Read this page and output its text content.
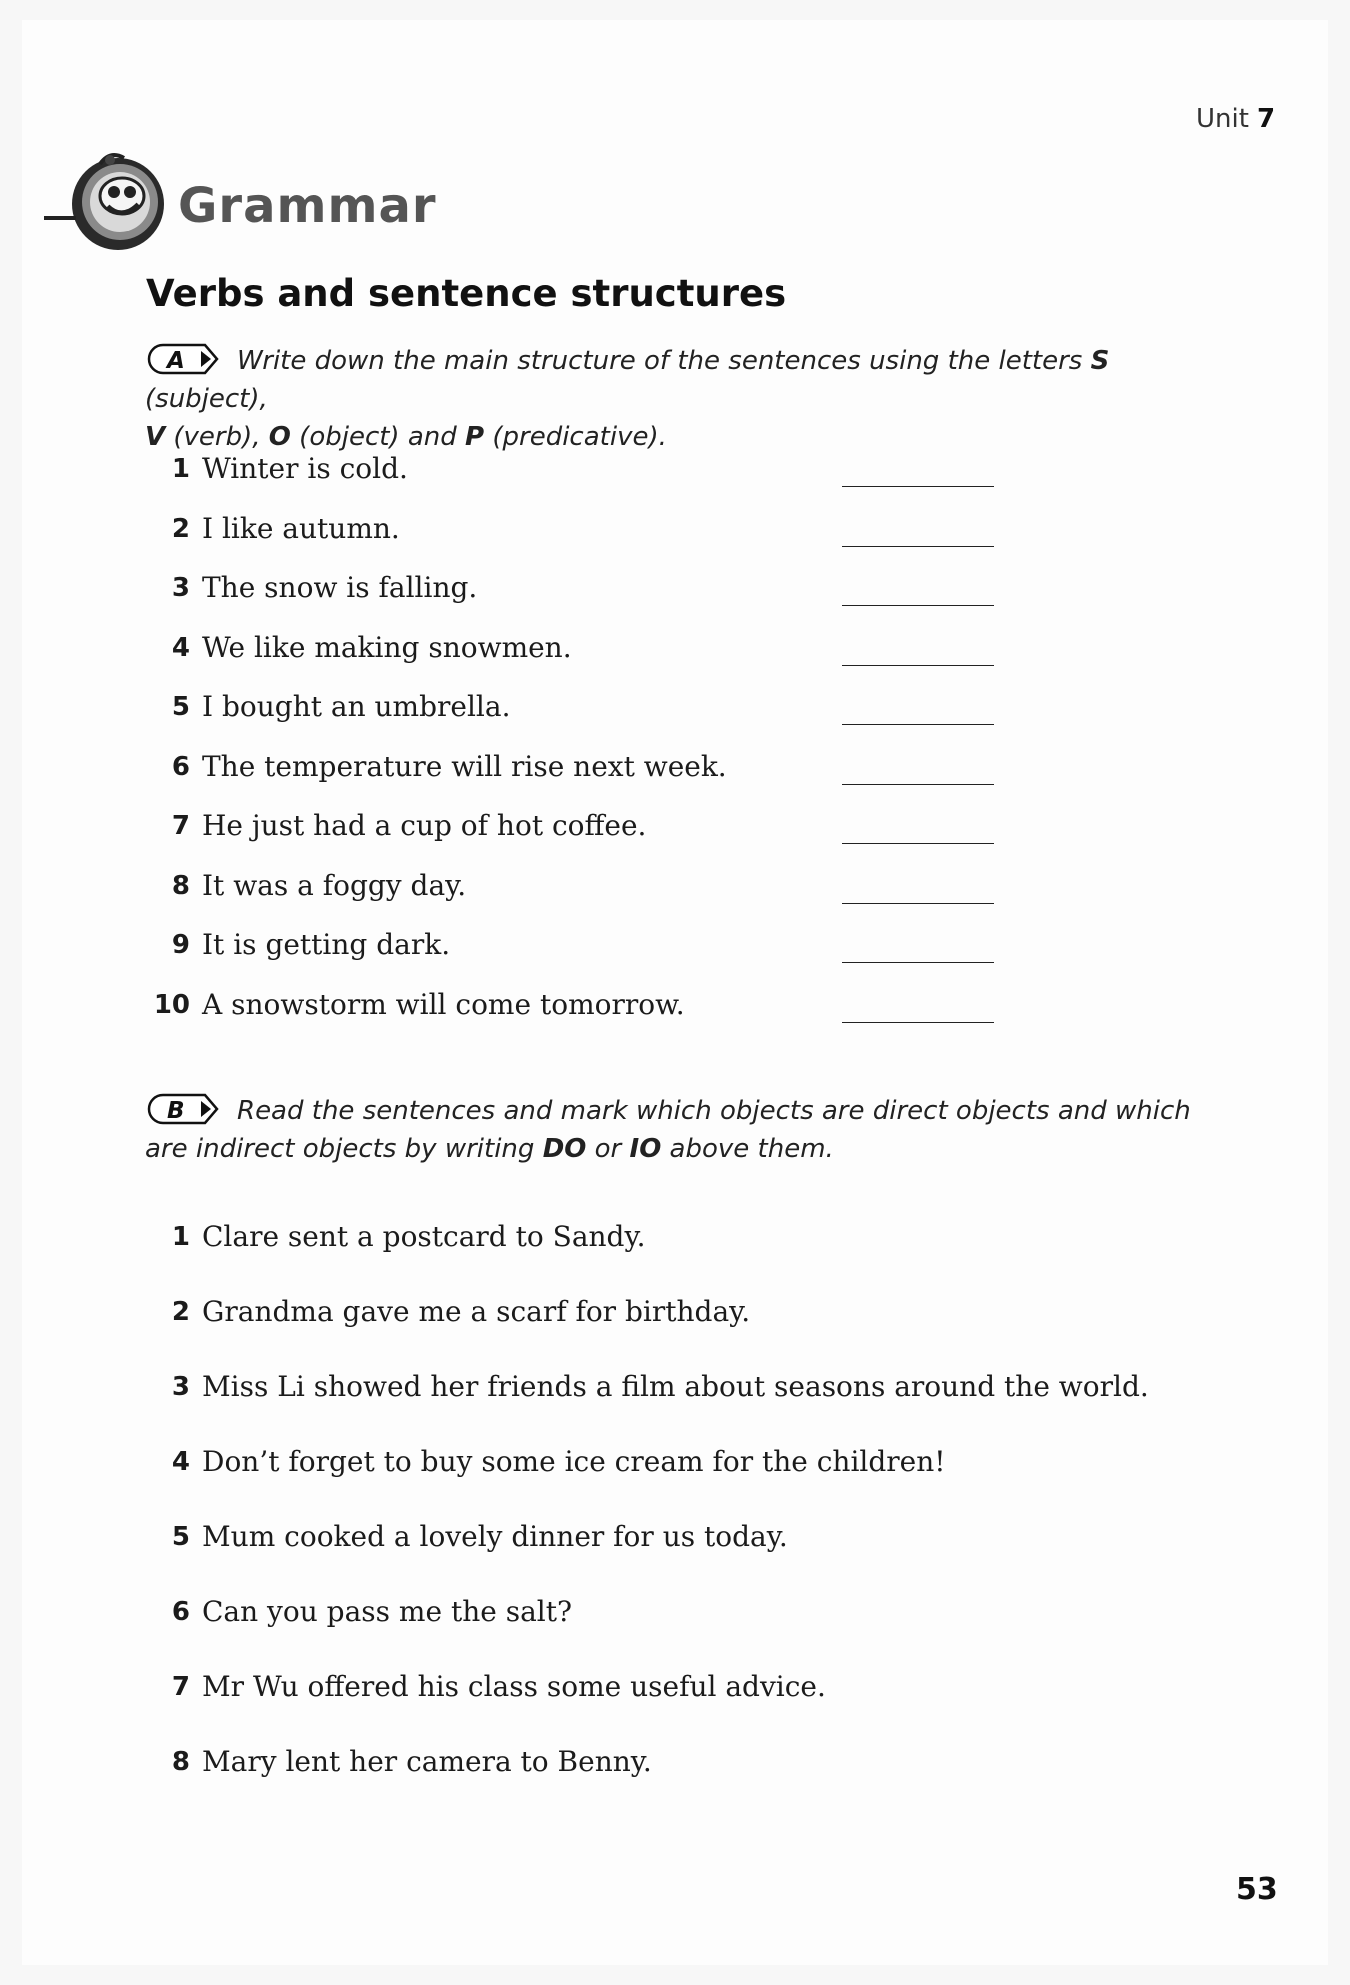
Unit 7
Grammar
Verbs and sentence structures
A Write down the main structure of the sentences using the letters S (subject),
V (verb), O (object) and P (predicative).
1 Winter is cold.
2 I like autumn.
3 The snow is falling.
4 We like making snowmen.
5 I bought an umbrella.
6 The temperature will rise next week.
7 He just had a cup of hot coffee.
8 It was a foggy day.
9 It is getting dark.
10 A snowstorm will come tomorrow.
B Read the sentences and mark which objects are direct objects and which are indirect objects by writing DO or IO above them.
1 Clare sent a postcard to Sandy.
2 Grandma gave me a scarf for birthday.
3 Miss Li showed her friends a film about seasons around the world.
4 Don’t forget to buy some ice cream for the children!
5 Mum cooked a lovely dinner for us today.
6 Can you pass me the salt?
7 Mr Wu offered his class some useful advice.
8 Mary lent her camera to Benny.
53
